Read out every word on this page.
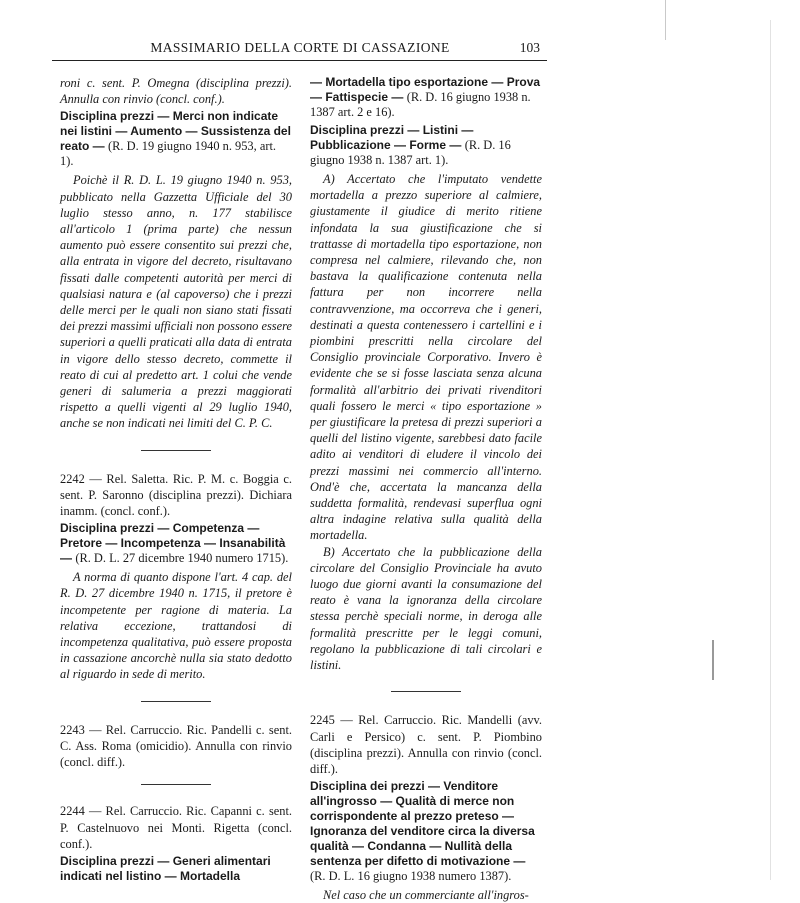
MASSIMARIO DELLA CORTE DI CASSAZIONE	103

roni c. sent. P. Omegna (disciplina prezzi). Annulla con rinvio (concl. conf.).

Disciplina prezzi — Merci non indicate nei listini — Aumento — Sussistenza del reato — (R. D. 19 giugno 1940 n. 953, art. 1).

Poichè il R. D. L. 19 giugno 1940 n. 953, pubblicato nella Gazzetta Ufficiale del 30 luglio stesso anno, n. 177 stabilisce all'articolo 1 (prima parte) che nessun aumento può essere consentito sui prezzi che, alla entrata in vigore del decreto, risultavano fissati dalle competenti autorità per merci di qualsiasi natura e (al capoverso) che i prezzi delle merci per le quali non siano stati fissati dei prezzi massimi ufficiali non possono essere superiori a quelli praticati alla data di entrata in vigore dello stesso decreto, commette il reato di cui al predetto art. 1 colui che vende generi di salumeria a prezzi maggiorati rispetto a quelli vigenti al 29 luglio 1940, anche se non indicati nei limiti del C. P. C.

2242 — Rel. Saletta. Ric. P. M. c. Boggia c. sent. P. Saronno (disciplina prezzi). Dichiara inamm. (concl. conf.).

Disciplina prezzi — Competenza — Pretore — Incompetenza — Insanabilità — (R. D. L. 27 dicembre 1940 numero 1715).

A norma di quanto dispone l'art. 4 cap. del R. D. 27 dicembre 1940 n. 1715, il pretore è incompetente per ragione di materia. La relativa eccezione, trattandosi di incompetenza qualitativa, può essere proposta in cassazione ancorchè nulla sia stato dedotto al riguardo in sede di merito.

2243 — Rel. Carruccio. Ric. Pandelli c. sent. C. Ass. Roma (omicidio). Annulla con rinvio (concl. diff.).

2244 — Rel. Carruccio. Ric. Capanni c. sent. P. Castelnuovo nei Monti. Rigetta (concl. conf.).

Disciplina prezzi — Generi alimentari indicati nel listino — Mortadella
— Mortadella tipo esportazione — Prova — Fattispecie — (R. D. 16 giugno 1938 n. 1387 art. 2 e 16).
Disciplina prezzi — Listini — Pubblicazione — Forme — (R. D. 16 giugno 1938 n. 1387 art. 1).

A) Accertato che l'imputato vendette mortadella a prezzo superiore al calmiere, giustamente il giudice di merito ritiene infondata la sua giustificazione che si trattasse di mortadella tipo esportazione, non compresa nel calmiere, rilevando che, non bastava la qualificazione contenuta nella fattura per non incorrere nella contravvenzione, ma occorreva che i generi, destinati a questa contenessero i cartellini e i piombini prescritti nella circolare del Consiglio provinciale Corporativo. Invero è evidente che se si fosse lasciata senza alcuna formalità all'arbitrio dei privati rivenditori quali fossero le merci « tipo esportazione » per giustificare la pretesa di prezzi superiori a quelli del listino vigente, sarebbesi dato facile adito ai venditori di eludere il vincolo dei prezzi massimi nei commercio all'interno. Ond'è che, accertata la mancanza della suddetta formalità, rendevasi superflua ogni altra indagine relativa sulla qualità della mortadella.

B) Accertato che la pubblicazione della circolare del Consiglio Provinciale ha avuto luogo due giorni avanti la consumazione del reato è vana la ignoranza della circolare stessa perchè speciali norme, in deroga alle formalità prescritte per le leggi comuni, regolano la pubblicazione di tali circolari e listini.

2245 — Rel. Carruccio. Ric. Mandelli (avv. Carli e Persico) c. sent. P. Piombino (disciplina prezzi). Annulla con rinvio (concl. diff.).

Disciplina dei prezzi — Venditore all'ingrosso — Qualità di merce non corrispondente al prezzo preteso — Ignoranza del venditore circa la diversa qualità — Condanna — Nullità della sentenza per difetto di motivazione — (R. D. L. 16 giugno 1938 numero 1387).

Nel caso che un commerciante all'ingros-
